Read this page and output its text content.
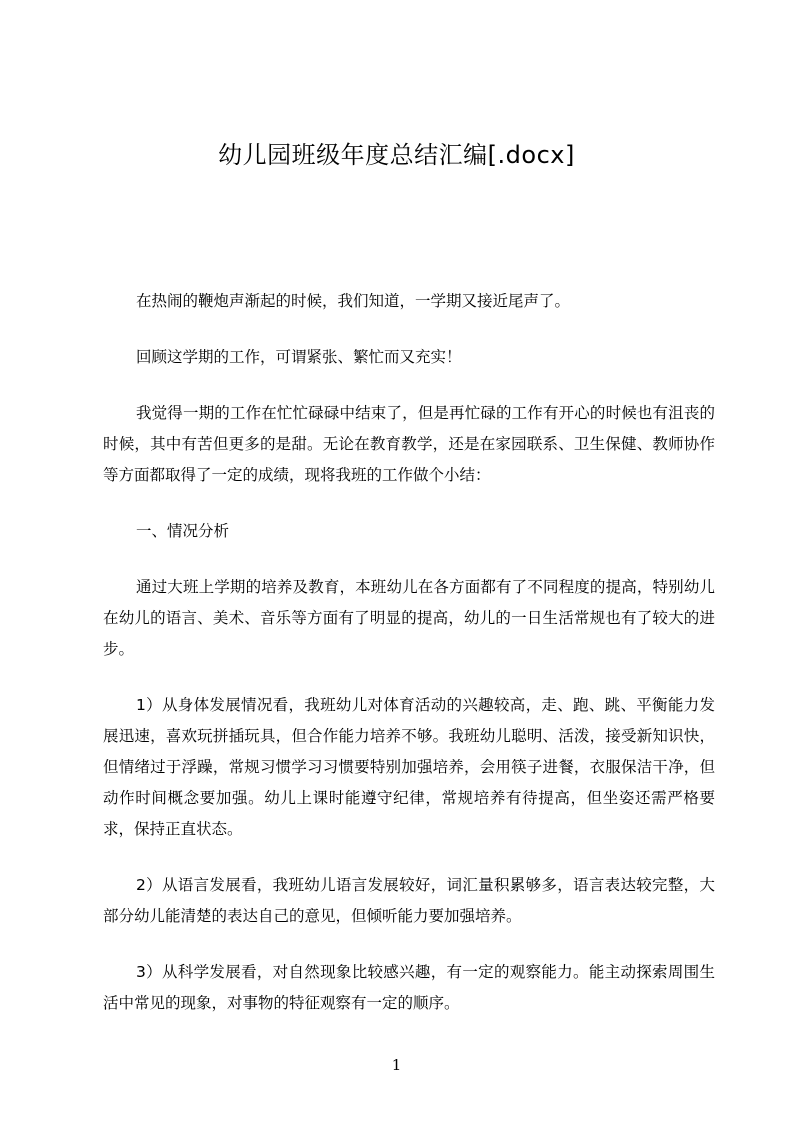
幼儿园班级年度总结汇编[.docx]

在热闹的鞭炮声渐起的时候，我们知道，一学期又接近尾声了。

回顾这学期的工作，可谓紧张、繁忙而又充实！

我觉得一期的工作在忙忙碌碌中结束了，但是再忙碌的工作有开心的时候也有沮丧的时候，其中有苦但更多的是甜。无论在教育教学，还是在家园联系、卫生保健、教师协作等方面都取得了一定的成绩，现将我班的工作做个小结：

一、情况分析

通过大班上学期的培养及教育，本班幼儿在各方面都有了不同程度的提高，特别幼儿在幼儿的语言、美术、音乐等方面有了明显的提高，幼儿的一日生活常规也有了较大的进步。

1）从身体发展情况看，我班幼儿对体育活动的兴趣较高，走、跑、跳、平衡能力发展迅速，喜欢玩拼插玩具，但合作能力培养不够。我班幼儿聪明、活泼，接受新知识快，但情绪过于浮躁，常规习惯学习习惯要特别加强培养，会用筷子进餐，衣服保洁干净，但动作时间概念要加强。幼儿上课时能遵守纪律，常规培养有待提高，但坐姿还需严格要求，保持正直状态。

2）从语言发展看，我班幼儿语言发展较好，词汇量积累够多，语言表达较完整，大部分幼儿能清楚的表达自己的意见，但倾听能力要加强培养。

3）从科学发展看，对自然现象比较感兴趣，有一定的观察能力。能主动探索周围生活中常见的现象，对事物的特征观察有一定的顺序。

1
